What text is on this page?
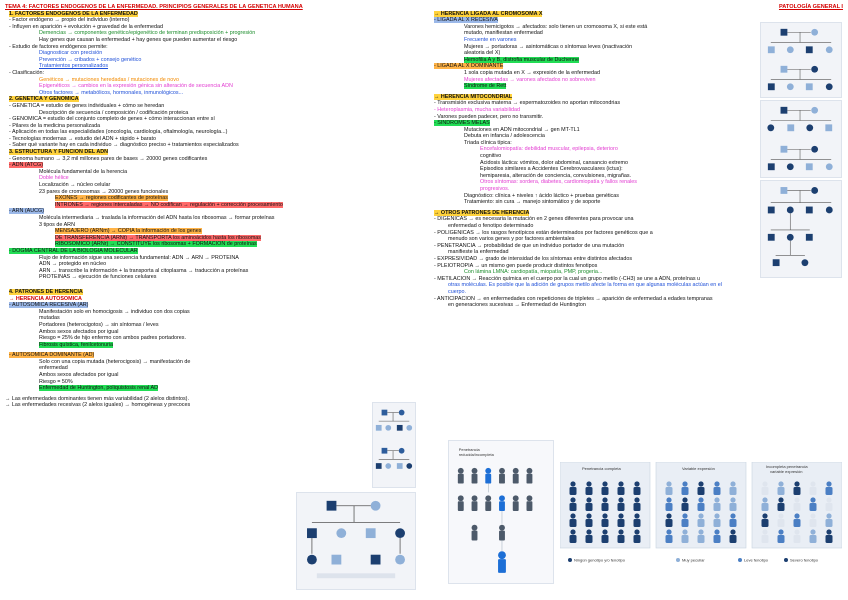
TEMA 4: FACTORES ENDÓGENOS DE LA ENFERMEDAD. PRINCIPIOS GENERALES DE LA GENÉTICA HUMANA
1. FACTORES ENDÓGENOS DE LA ENFERMEDAD
- Factor endógeno → propio del individuo (interno)
- Influyen en aparición + evolución + gravedad de la enfermedad
Demencias → componentes genético/epigenético de terminan predisposición + progresión
Hay genes que causan la enfermedad + hay genes que pueden aumentar el riesgo
- Estudio de factores endógenos permite:
Diagnosticar con precisión
Prevención → cribados + consejo genético
Tratamientos personalizados
- Clasificación:
Genéticos → mutaciones heredadas / mutaciones de novo
Epigenéticos → cambios en la expresión génica sin alteración de secuencia ADN
Otros factores → metabólicos, hormonales, inmunológicos...
2. GENÉTICA Y GENÓMICA
- GENÉTICA = estudio de genes individuales + cómo se heredan
Descripción de secuencia / composición / codificación proteica
- GENÓMICA = estudio del conjunto completo de genes + cómo interaccionan entre sí
- Pilares de la medicina personalizada
- Aplicación en todas las especialidades (oncología, cardiología, oftalmología, neurología...)
- Tecnologías modernas → estudio del ADN + rápido + barato
- Saber qué variante hay en cada individuo → diagnóstico preciso + tratamientos especializados
3. ESTRUCTURA Y FUNCIÓN DEL ADN
- Genoma humano → 3,2 mil millones pares de bases → 20000 genes codificantes
- ADN (ATCG)
Molécula fundamental de la herencia
Doble hélice
Localización → núcleo celular
23 pares de cromosomas → 20000 genes funcionales
EXONES → regiones codificantes de proteínas
INTRONES → regiones intercaladas → NO codifican → regulación + corrección procesamiento
- ARN (AUCG)
Molécula intermediaria → traslada la información del ADN hasta los ribosomas → formar proteínas
3 tipos de ARN
MENSAJERO (ARNm) → COPIA la información de los genes
DE TRANSFERENCIA (ARNt) → TRANSPORTA los aminoácidos hasta los ribosomas
RIBOSÓMICO (ARNr) → CONSTITUYE los ribosomas + FORMACIÓN de proteínas
- DOGMA CENTRAL DE LA BIOLOGÍA MOLECULAR
Flujo de información sigue una secuencia fundamental: ADN → ARN → PROTEÍNA
ADN → protegido en núcleo
ARN → transcribe la información + la transporta al citoplasma → traducción a proteínas
PROTEÍNAS → ejecución de funciones celulares
4. PATRONES DE HERENCIA
→ HERENCIA AUTOSÓMICA
- AUTOSÓMICA RECESIVA (AR)
Manifestación solo en homocigosis → individuo con dos copias
mutadas
Portadores (heterocigotos) → sin síntomas / leves
Ambos sexos afectados por igual
Riesgo = 25% de hijo enfermo con ambos padres portadores.
Fibrosis quística, fenilcetonuria
- AUTOSÓMICA DOMINANTE (AD)
Solo con una copia mutada (heterocigosis) → manifestación de
enfermedad
Ambos sexos afectados por igual
Riesgo = 50%
Enfermedad de Huntington, poliquistosis renal AD
→ Las enfermedades dominantes tienen más variabilidad (2 alelos distintos).
→ Las enfermedades recesivas (2 alelos iguales) → homogéneas y precoces
→ HERENCIA LIGADA AL CROMOSOMA X
- LIGADA AL X RECESIVA
Varones hemicigotos → afectados: solo tienen un cromosoma X, si este está
mutado, manifiestan enfermedad
Frecuente en varones
Mujeres → portadoras → asintomáticas o síntomas leves (inactivación
aleatoria del X)
Hemofilia A y B, distrofia muscular de Duchenne
- LIGADA AL X DOMINANTE
1 sola copia mutada en X → expresión de la enfermedad
Mujeres afectadas → varones afectados no sobreviven
Síndrome de Rett
→ HERENCIA MITOCONDRIAL
- Transmisión exclusiva materna → espermatozoides no aportan mitocondrias
- Heteroplasmia, mucha variabilidad
- Varones pueden padecer, pero no transmitir.
- SÍNDROMES MELAS
Mutaciones en ADN mitocondrial → gen MT-TL1
Debuta en infancia / adolescencia
Triada clínica típica:
Encefalomiopatía: debilidad muscular, epilepsia, deterioro
cognitivo
Acidosis láctica: vómitos, dolor abdominal, cansancio extremo
Episodios similares a Accidentes Cerebrovasculares (ictus):
hemiparesia, alteración de conciencia, convulsiones, migrañas.
Otros síntomas: sordera, diabetes, cardiomiopatía y fallos renales
progresivos.
Diagnóstico: clínica + niveles ↑ ácido láctico + pruebas genéticas
Tratamiento: sin cura → manejo sintomático y de soporte
→ OTROS PATRONES DE HERENCIA
- DIGÉNICAS → es necesaria la mutación en 2 genes diferentes para provocar una
enfermedad o fenotipo determinado
- POLIGÉNICAS → los rasgos fenotípicos están determinados por factores genéticos que a
menudo son varios genes y por factores ambientales
- PENETRANCIA → probabilidad de que un individuo portador de una mutación
manifieste la enfermedad
- EXPRESIVIDAD → grado de intensidad de los síntomas entre distintos afectados
- PLEIOTROPÍA → un mismo gen puede producir distintos fenotipos
Con lámina LMNA: cardiopatía, miopatía, PMP, progeria...
- METILACIÓN → Reacción química en el cuerpo por la cual un grupo metilo (-CH3) se une a ADN, proteínas u
otras moléculas. Es posible que la adición de grupos metilo afecte la forma en que algunas moléculas actúan en el
cuerpo.
- ANTICIPACIÓN → en enfermedades con repeticiones de tripletes → aparición de enfermedad a edades tempranas
en generaciones sucesivas → Enfermedad de Huntington
PATOLOGÍA GENERAL I
Penetrancia
reducida/incompleta
Penetrancia completa	Variable expresión	Incompleta penetrancia
variable expresión
Ningún genotipo y/o fenotipo	Muy peculiar	Leve fenotipo	Severo fenotipo
